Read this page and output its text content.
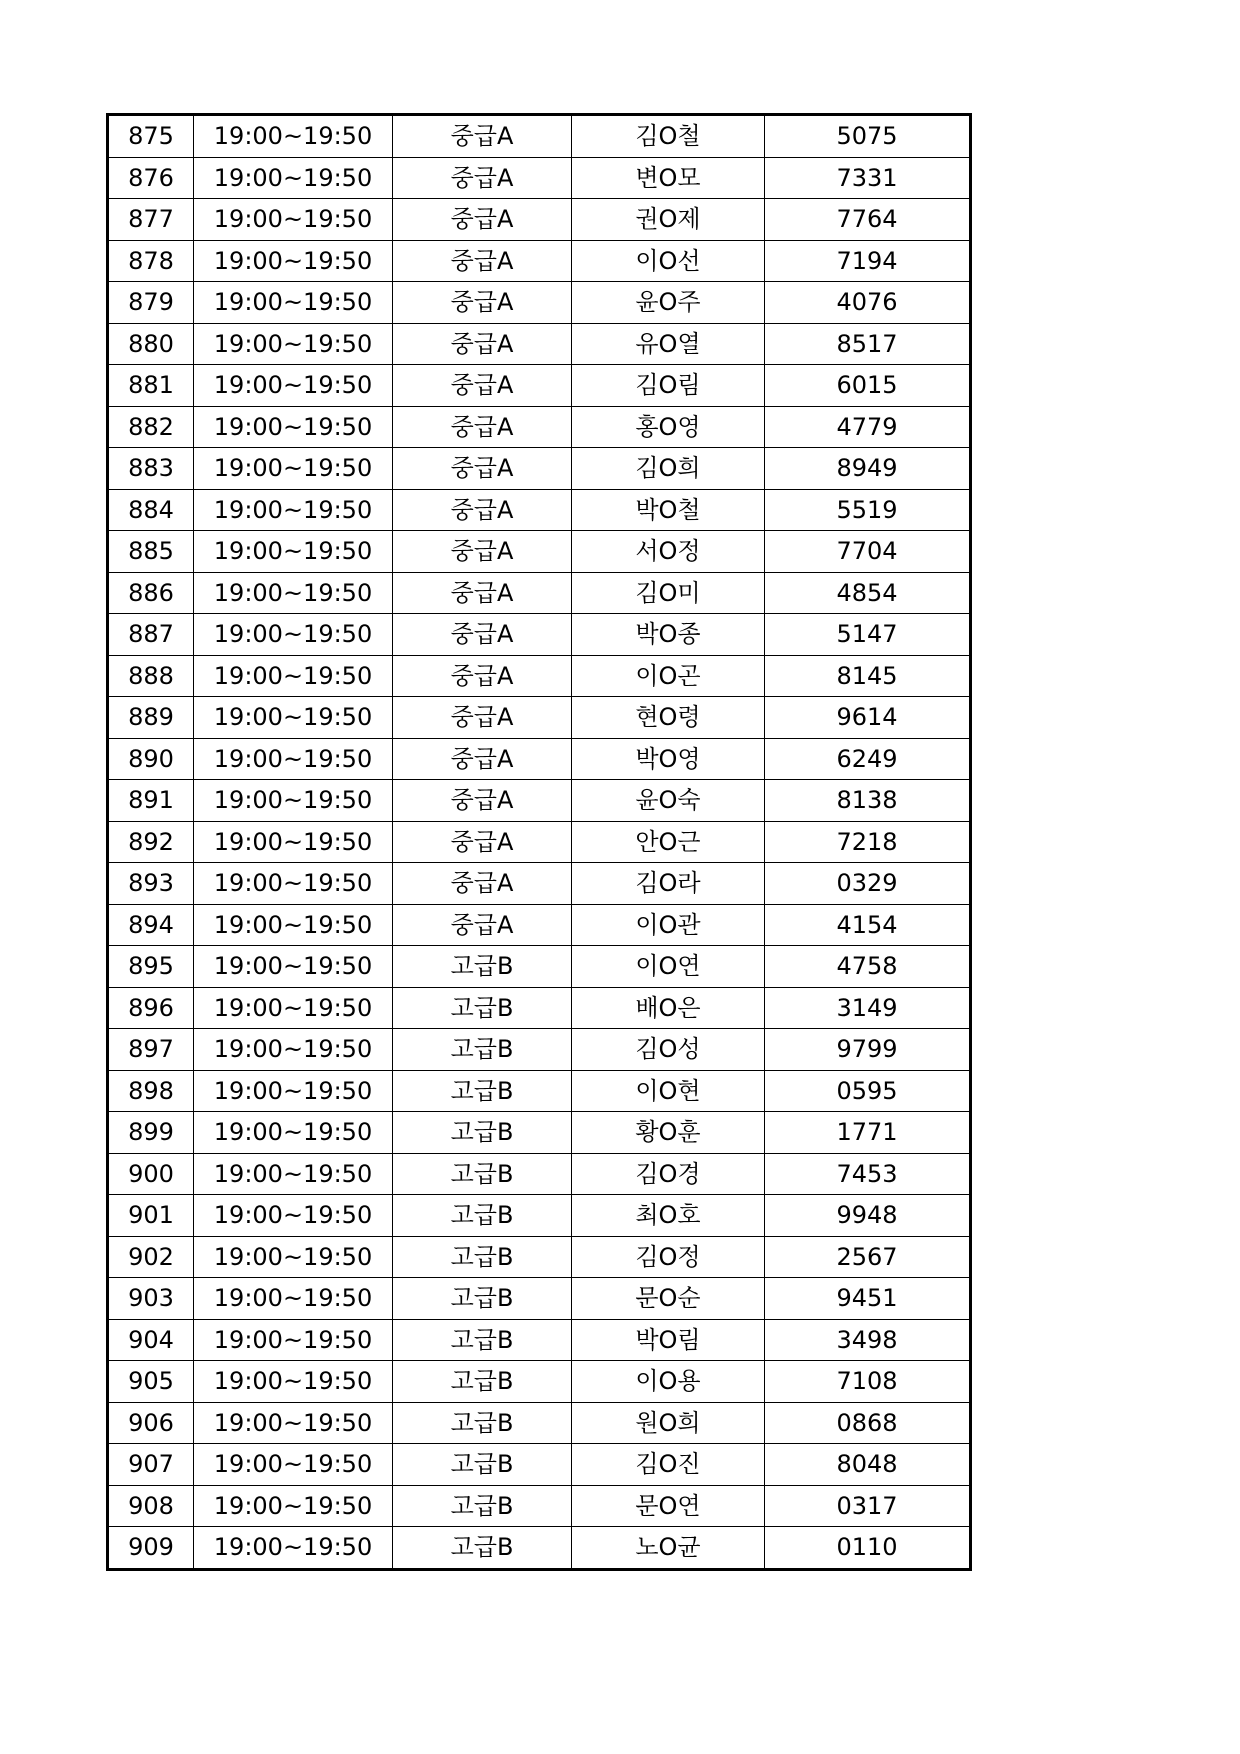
875	19:00~19:50	중급A	김O철	5075
876	19:00~19:50	중급A	변O모	7331
877	19:00~19:50	중급A	권O제	7764
878	19:00~19:50	중급A	이O선	7194
879	19:00~19:50	중급A	윤O주	4076
880	19:00~19:50	중급A	유O열	8517
881	19:00~19:50	중급A	김O림	6015
882	19:00~19:50	중급A	홍O영	4779
883	19:00~19:50	중급A	김O희	8949
884	19:00~19:50	중급A	박O철	5519
885	19:00~19:50	중급A	서O정	7704
886	19:00~19:50	중급A	김O미	4854
887	19:00~19:50	중급A	박O종	5147
888	19:00~19:50	중급A	이O곤	8145
889	19:00~19:50	중급A	현O령	9614
890	19:00~19:50	중급A	박O영	6249
891	19:00~19:50	중급A	윤O숙	8138
892	19:00~19:50	중급A	안O근	7218
893	19:00~19:50	중급A	김O라	0329
894	19:00~19:50	중급A	이O관	4154
895	19:00~19:50	고급B	이O연	4758
896	19:00~19:50	고급B	배O은	3149
897	19:00~19:50	고급B	김O성	9799
898	19:00~19:50	고급B	이O현	0595
899	19:00~19:50	고급B	황O훈	1771
900	19:00~19:50	고급B	김O경	7453
901	19:00~19:50	고급B	최O호	9948
902	19:00~19:50	고급B	김O정	2567
903	19:00~19:50	고급B	문O순	9451
904	19:00~19:50	고급B	박O림	3498
905	19:00~19:50	고급B	이O용	7108
906	19:00~19:50	고급B	원O희	0868
907	19:00~19:50	고급B	김O진	8048
908	19:00~19:50	고급B	문O연	0317
909	19:00~19:50	고급B	노O균	0110
